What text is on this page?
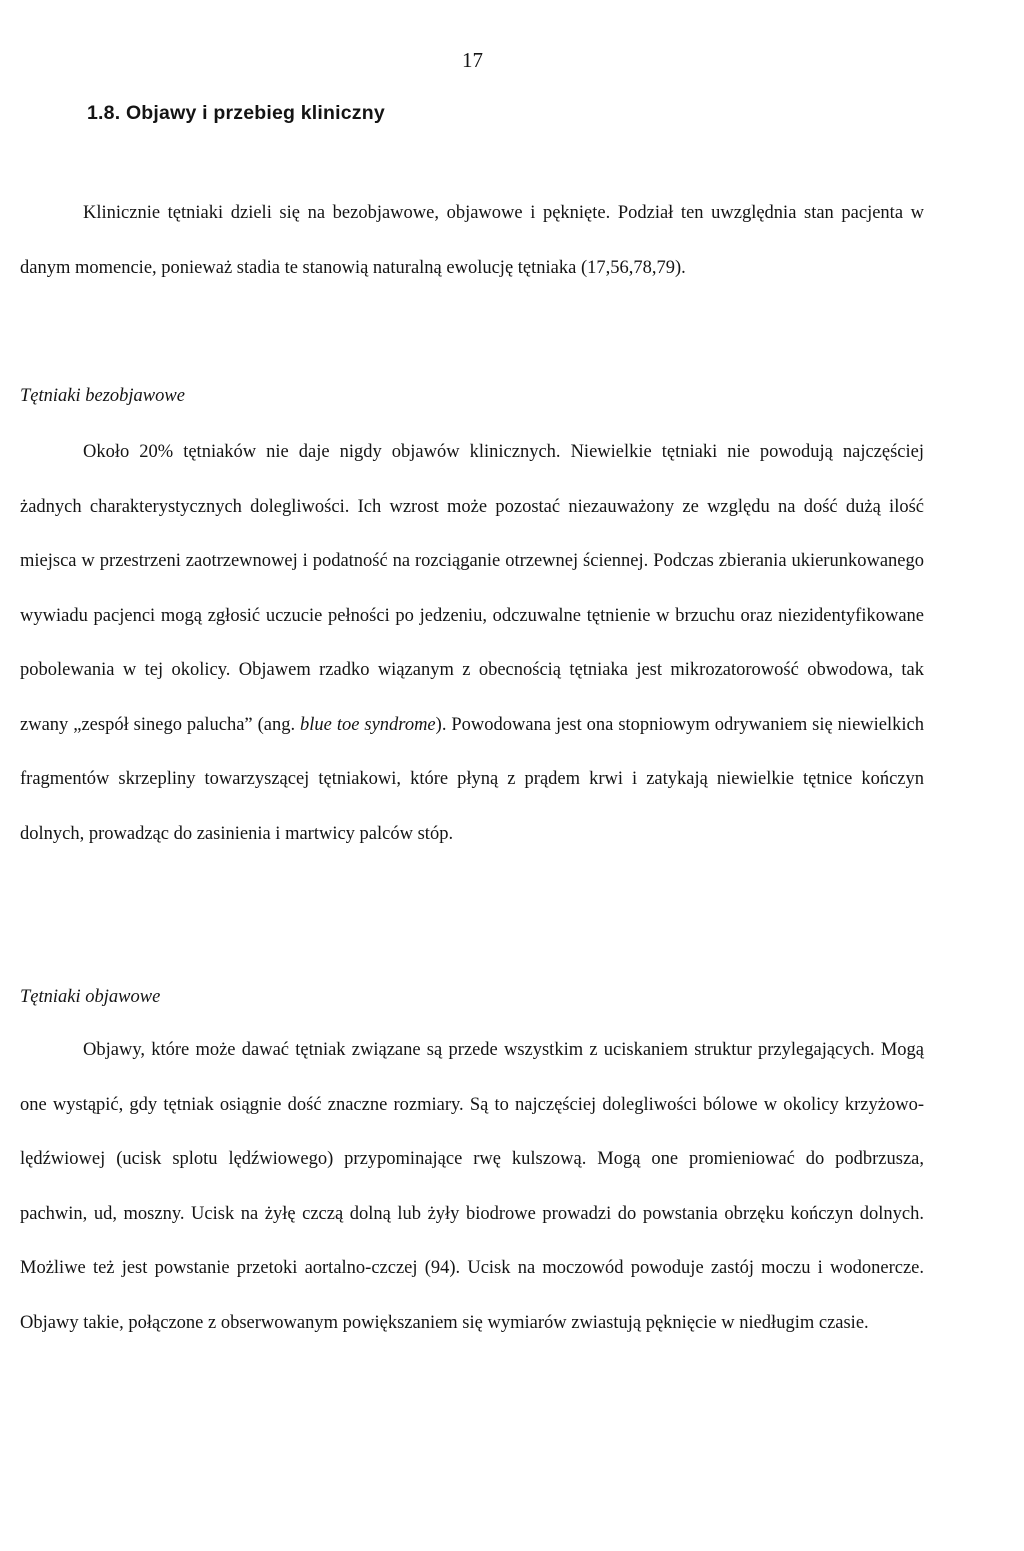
17
1.8. Objawy i przebieg kliniczny

Klinicznie tętniaki dzieli się na bezobjawowe, objawowe i pęknięte. Podział ten uwzględnia stan pacjenta w danym momencie, ponieważ stadia te stanowią naturalną ewolucję tętniaka (17,56,78,79).

Tętniaki bezobjawowe

Około 20% tętniaków nie daje nigdy objawów klinicznych. Niewielkie tętniaki nie powodują najczęściej żadnych charakterystycznych dolegliwości. Ich wzrost może pozostać niezauważony ze względu na dość dużą ilość miejsca w przestrzeni zaotrzewnowej i podatność na rozciąganie otrzewnej ściennej. Podczas zbierania ukierunkowanego wywiadu pacjenci mogą zgłosić uczucie pełności po jedzeniu, odczuwalne tętnienie w brzuchu oraz niezidentyfikowane pobolewania w tej okolicy. Objawem rzadko wiązanym z obecnością tętniaka jest mikrozatorowość obwodowa, tak zwany „zespół sinego palucha” (ang. blue toe syndrome). Powodowana jest ona stopniowym odrywaniem się niewielkich fragmentów skrzepliny towarzyszącej tętniakowi, które płyną z prądem krwi i zatykają niewielkie tętnice kończyn dolnych, prowadząc do zasinienia i martwicy palców stóp.

Tętniaki objawowe

Objawy, które może dawać tętniak związane są przede wszystkim z uciskaniem struktur przylegających. Mogą one wystąpić, gdy tętniak osiągnie dość znaczne rozmiary. Są to najczęściej dolegliwości bólowe w okolicy krzyżowo-lędźwiowej (ucisk splotu lędźwiowego) przypominające rwę kulszową. Mogą one promieniować do podbrzusza, pachwin, ud, moszny. Ucisk na żyłę czczą dolną lub żyły biodrowe prowadzi do powstania obrzęku kończyn dolnych. Możliwe też jest powstanie przetoki aortalno-czczej (94). Ucisk na moczowód powoduje zastój moczu i wodonercze. Objawy takie, połączone z obserwowanym powiększaniem się wymiarów zwiastują pęknięcie w niedługim czasie.
